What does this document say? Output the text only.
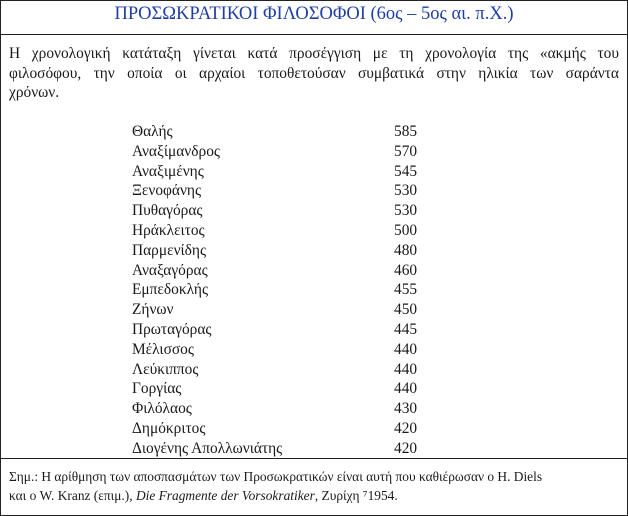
ΠΡΟΣΩΚΡΑΤΙΚΟΙ ΦΙΛΟΣΟΦΟΙ (6ος – 5ος αι. π.Χ.)

Η χρονολογική κατάταξη γίνεται κατά προσέγγιση με τη χρονολογία της «ακμής του
φιλοσόφου, την οποία οι αρχαίοι τοποθετούσαν συμβατικά στην ηλικία των σαράντα
χρόνων.

Θαλής	585
Αναξίμανδρος	570
Αναξιμένης	545
Ξενοφάνης	530
Πυθαγόρας	530
Ηράκλειτος	500
Παρμενίδης	480
Αναξαγόρας	460
Εμπεδοκλής	455
Ζήνων	450
Πρωταγόρας	445
Μέλισσος	440
Λεύκιππος	440
Γοργίας	440
Φιλόλαος	430
Δημόκριτος	420
Διογένης Απολλωνιάτης	420
Σημ.: Η αρίθμηση των αποσπασμάτων των Προσωκρατικών είναι αυτή που καθιέρωσαν ο H. Diels
και ο W. Kranz (επιμ.), Die Fragmente der Vorsokratiker, Ζυρίχη ⁷1954.
